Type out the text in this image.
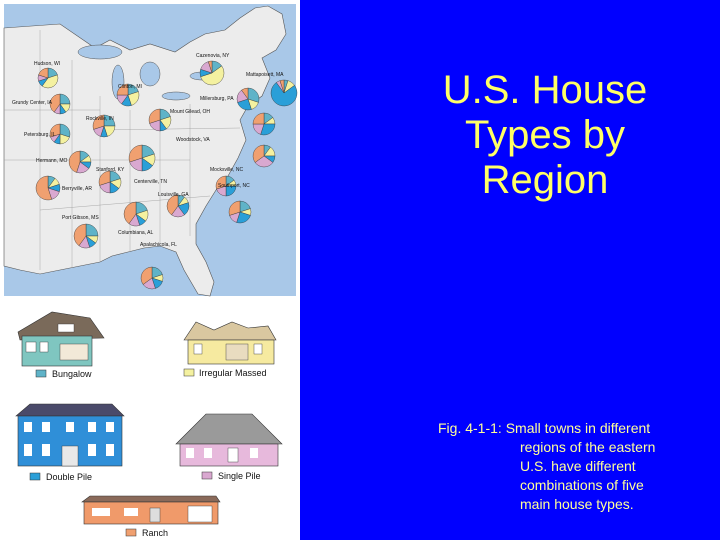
Cazenovia, NY
Hudson, WI
Clinton, MI
Mattapoisett, MA
Grundy Center, IA
Millersburg, PA
Rockville, IN
Mount Gilead, OH
Petersburg, IL
Woodstock, VA
Hermann, MO
Stanford, KY	Mocksville, NC
Centerville, TN
Berryville, AR	Southport, NC
Louisville, GA
Port Gibson, MS
Columbiana, AL
Apalachicola, FL
Bungalow	Irregular Massed
Double Pile	Single Pile
Ranch
U.S. House
Types by
Region
Fig. 4-1-1: Small towns in different
regions of the eastern
U.S. have different
combinations of five
main house types.
